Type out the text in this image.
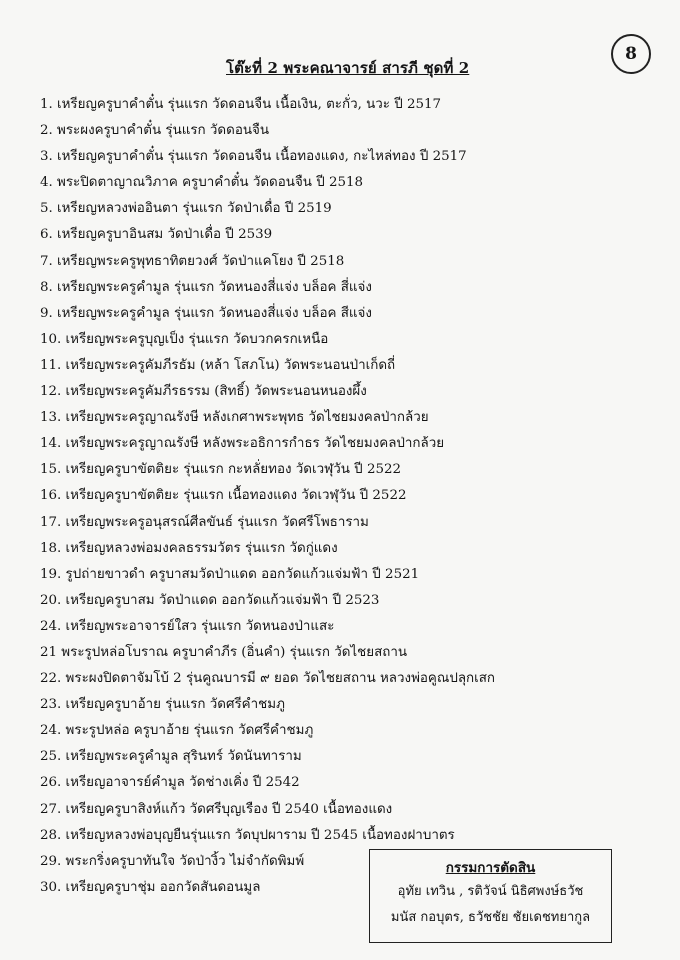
8
โต๊ะที่ 2 พระคณาจารย์ สารภี ชุดที่ 2
1. เหรียญครูบาคำตั๋น รุ่นแรก วัดดอนจืน เนื้อเงิน, ตะกั่ว, นวะ ปี 2517
2. พระผงครูบาคำตั๋น รุ่นแรก วัดดอนจืน
3. เหรียญครูบาคำตั๋น รุ่นแรก วัดดอนจืน เนื้อทองแดง, กะไหล่ทอง ปี 2517
4. พระปิดตาญาณวิภาค ครูบาคำตั๋น วัดดอนจืน ปี 2518
5. เหรียญหลวงพ่ออินตา รุ่นแรก วัดป่าเดื่อ ปี 2519
6. เหรียญครูบาอินสม วัดป่าเดื่อ ปี 2539
7. เหรียญพระครูพุทธาทิตยวงศ์ วัดป่าแคโยง ปี 2518
8. เหรียญพระครูคำมูล รุ่นแรก วัดหนองสี่แจ่ง บล็อค สี่แจ่ง
9. เหรียญพระครูคำมูล รุ่นแรก วัดหนองสี่แจ่ง บล็อค สีแจ่ง
10. เหรียญพระครูบุญเป็ง รุ่นแรก วัดบวกครกเหนือ
11. เหรียญพระครูคัมภีรธัม (หล้า โสภโน) วัดพระนอนป่าเก็ดถี่
12. เหรียญพระครูคัมภีรธรรม (สิทธิ์) วัดพระนอนหนองผึ้ง
13. เหรียญพระครูญาณรังษี หลังเกศาพระพุทธ วัดไชยมงคลป่ากล้วย
14. เหรียญพระครูญาณรังษี หลังพระอธิการกำธร วัดไชยมงคลป่ากล้วย
15. เหรียญครูบาขัตติยะ รุ่นแรก กะหลั่ยทอง วัดเวฬุวัน ปี 2522
16. เหรียญครูบาขัตติยะ รุ่นแรก เนื้อทองแดง วัดเวฬุวัน ปี 2522
17. เหรียญพระครูอนุสรณ์ศีลขันธ์ รุ่นแรก วัดศรีโพธาราม
18. เหรียญหลวงพ่อมงคลธรรมวัตร รุ่นแรก วัดกู่แดง
19. รูปถ่ายขาวดำ ครูบาสมวัดป่าแดด ออกวัดแก้วแจ่มฟ้า ปี 2521
20. เหรียญครูบาสม วัดป่าแดด ออกวัดแก้วแจ่มฟ้า ปี 2523
24. เหรียญพระอาจารย์ใสว รุ่นแรก วัดหนองป่าแสะ
21 พระรูปหล่อโบราณ ครูบาคำภีร (อิ่นคำ) รุ่นแรก วัดไชยสถาน
22. พระผงปิดตาจัมโบ้ 2 รุ่นคูณบารมี ๙ ยอด วัดไชยสถาน หลวงพ่อคูณปลุกเสก
23. เหรียญครูบาอ้าย รุ่นแรก วัดศรีคำชมภู
24. พระรูปหล่อ ครูบาอ้าย รุ่นแรก วัดศรีคำชมภู
25. เหรียญพระครูคำมูล สุรินทร์ วัดนันทาราม
26. เหรียญอาจารย์คำมูล วัดช่างเคิ่ง ปี 2542
27. เหรียญครูบาสิงห์แก้ว วัดศรีบุญเรือง ปี 2540 เนื้อทองแดง
28. เหรียญหลวงพ่อบุญยืนรุ่นแรก วัดบุปผาราม ปี 2545 เนื้อทองฝาบาตร
29. พระกริ่งครูบาทันใจ วัดป่างิ้ว ไม่จำกัดพิมพ์
30. เหรียญครูบาชุ่ม ออกวัดสันดอนมูล
กรรมการตัดสิน
อุทัย เทวิน , รติวัจน์ นิธิศพงษ์ธวัช
มนัส กอบุตร, ธวัชชัย ชัยเดชทยากูล
